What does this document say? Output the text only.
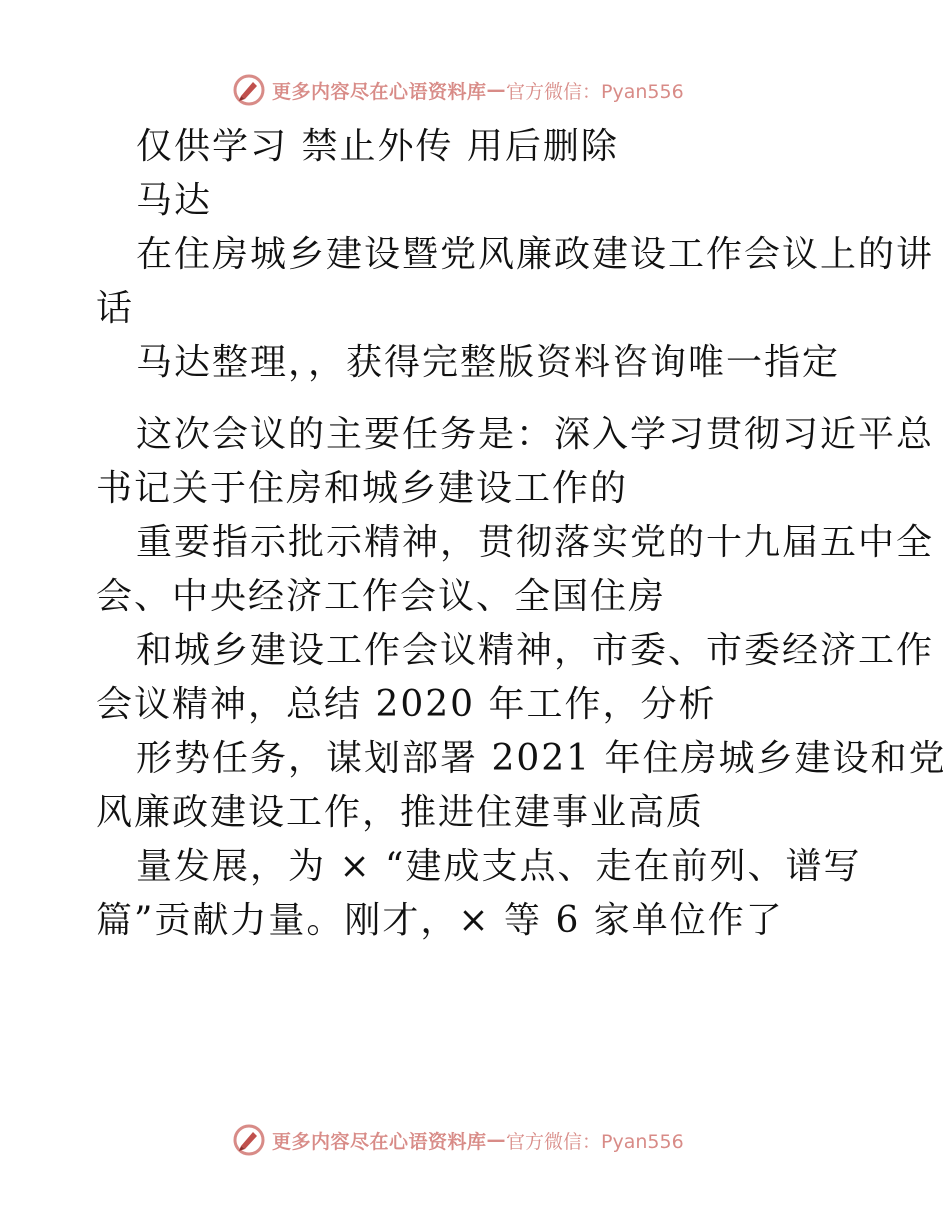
更多内容尽在心语资料库 — 官方微信：Pyan556
仅供学习 禁止外传 用后删除
马达
在住房城乡建设暨党风廉政建设工作会议上的讲
话
马达整理，，获得完整版资料咨询唯一指定
这次会议的主要任务是：深入学习贯彻习近平总
书记关于住房和城乡建设工作的
重要指示批示精神，贯彻落实党的十九届五中全
会、中央经济工作会议、全国住房
和城乡建设工作会议精神，市委、市委经济工作
会议精神，总结 2020 年工作，分析
形势任务，谋划部署 2021 年住房城乡建设和党
风廉政建设工作，推进住建事业高质
量发展，为 × “建成支点、走在前列、谱写
篇”贡献力量。刚才，× 等 6 家单位作了
更多内容尽在心语资料库 — 官方微信：Pyan556
